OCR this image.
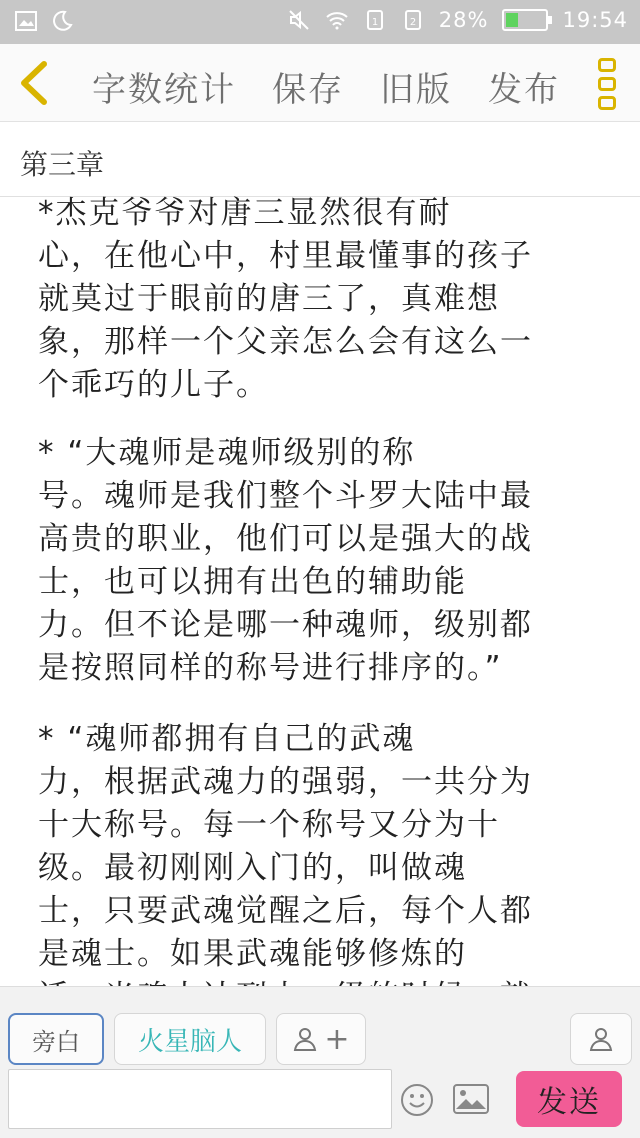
1	2 28%	19:54
字数统计 保存 旧版 发布
第三章
*杰克爷爷对唐三显然很有耐
心，在他心中，村里最懂事的孩子
就莫过于眼前的唐三了，真难想
象，那样一个父亲怎么会有这么一
个乖巧的儿子。
* “大魂师是魂师级别的称
号。魂师是我们整个斗罗大陆中最
高贵的职业，他们可以是强大的战
士，也可以拥有出色的辅助能
力。但不论是哪一种魂师，级别都
是按照同样的称号进行排序的。”
* “魂师都拥有自己的武魂
力，根据武魂力的强弱，一共分为
十大称号。每一个称号又分为十
级。最初刚刚入门的，叫做魂
士，只要武魂觉醒之后，每个人都
是魂士。如果武魂能够修炼的
旁白 火星脑人	+
发送
